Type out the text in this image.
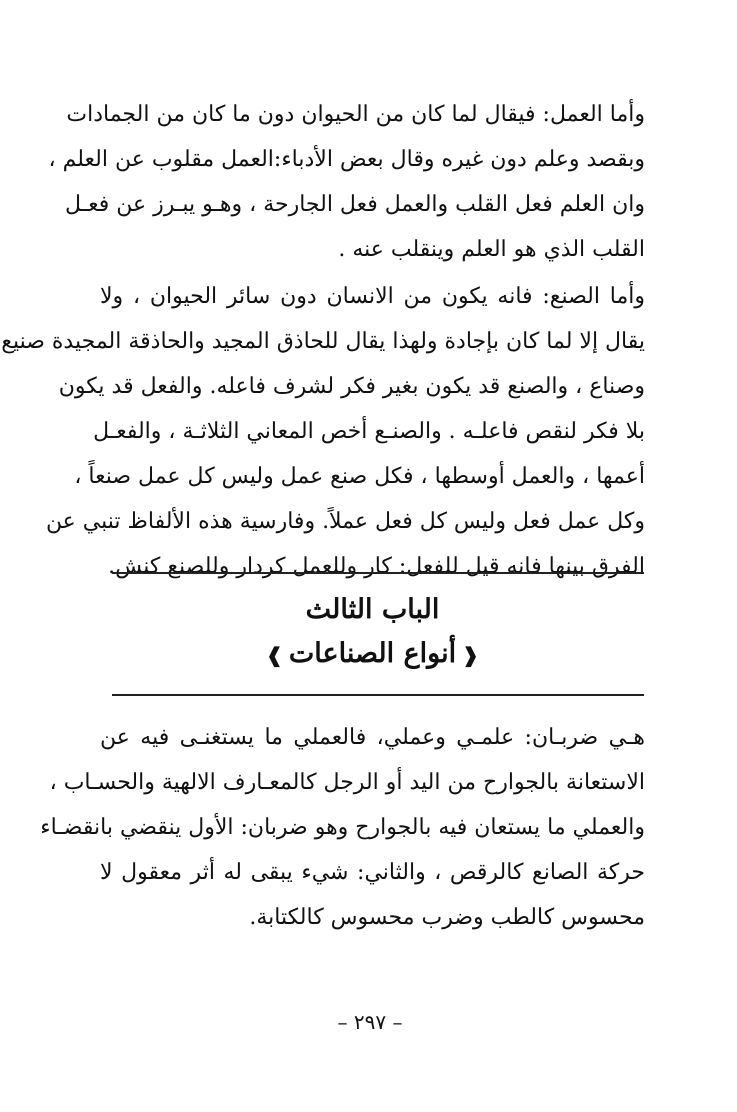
وأما العمل: فيقال لما كان من الحيوان دون ما كان من الجمادات
وبقصد وعلم دون غيره وقال بعض الأدباء:العمل مقلوب عن العلم ،
وان العلم فعل القلب والعمل فعل الجارحة ، وهـو يبـرز عن فعـل
القلب الذي هو العلم وينقلب عنه .
وأما الصنع: فانه يكون من الانسان دون سائر الحيوان ، ولا
يقال إلا لما كان بإجادة ولهذا يقال للحاذق المجيد والحاذقة المجيدة صنيع
وصناع ، والصنع قد يكون بغير فكر لشرف فاعله. والفعل قد يكون
بلا فكر لنقص فاعلـه . والصنـع أخص المعاني الثلاثـة ، والفعـل
أعمها ، والعمل أوسطها ، فكل صنع عمل وليس كل عمل صنعاً ،
وكل عمل فعل وليس كل فعل عملاً. وفارسية هذه الألفاظ تنبي عن
الفرق بينها فانه قيل للفعل: كار وللعمل كردار وللصنع كنش.
الباب الثالث
❰أنواع الصناعات❱
هـي ضربـان: علمـي وعملي، فالعملي ما يستغنـى فيه عن
الاستعانة بالجوارح من اليد أو الرجل كالمعـارف الالهية والحسـاب ،
والعملي ما يستعان فيه بالجوارح وهو ضربان: الأول ينقضي بانقضـاء
حركة الصانع كالرقص ، والثاني: شيء يبقى له أثر معقول لا
محسوس كالطب وضرب محسوس كالكتابة.
– ٢٩٧ –
